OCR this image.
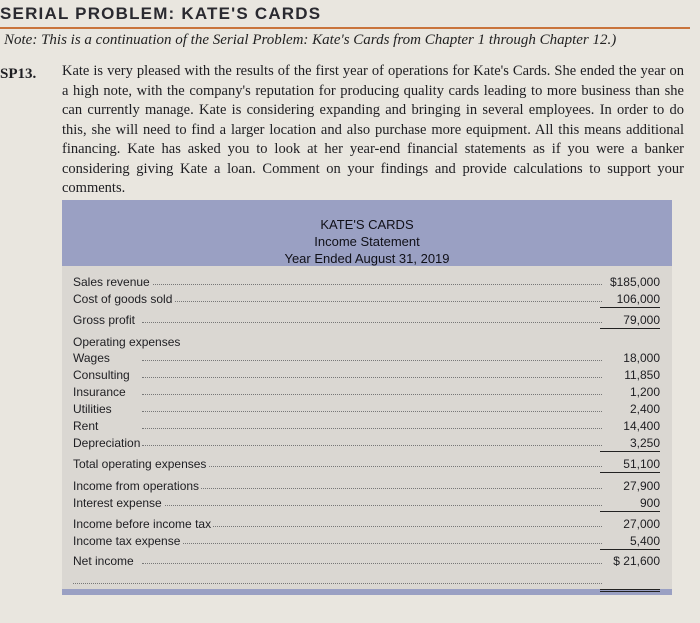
SERIAL PROBLEM: KATE'S CARDS
Note: This is a continuation of the Serial Problem: Kate's Cards from Chapter 1 through Chapter 12.)
SP13. Kate is very pleased with the results of the first year of operations for Kate's Cards. She ended the year on a high note, with the company's reputation for producing quality cards leading to more business than she can currently manage. Kate is considering expanding and bringing in several employees. In order to do this, she will need to find a larger location and also purchase more equipment. All this means additional financing. Kate has asked you to look at her year-end financial statements as if you were a banker considering giving Kate a loan. Comment on your findings and provide calculations to support your comments.

KATE'S CARDS
Income Statement
Year Ended August 31, 2019
Sales revenue	$185,000
Cost of goods sold	106,000
Gross profit	79,000
Operating expenses
Wages	18,000
Consulting	11,850
Insurance	1,200
Utilities	2,400
Rent	14,400
Depreciation	3,250
Total operating expenses	51,100
Income from operations	27,900
Interest expense	900
Income before income tax	27,000
Income tax expense	5,400
Net income	$ 21,600
